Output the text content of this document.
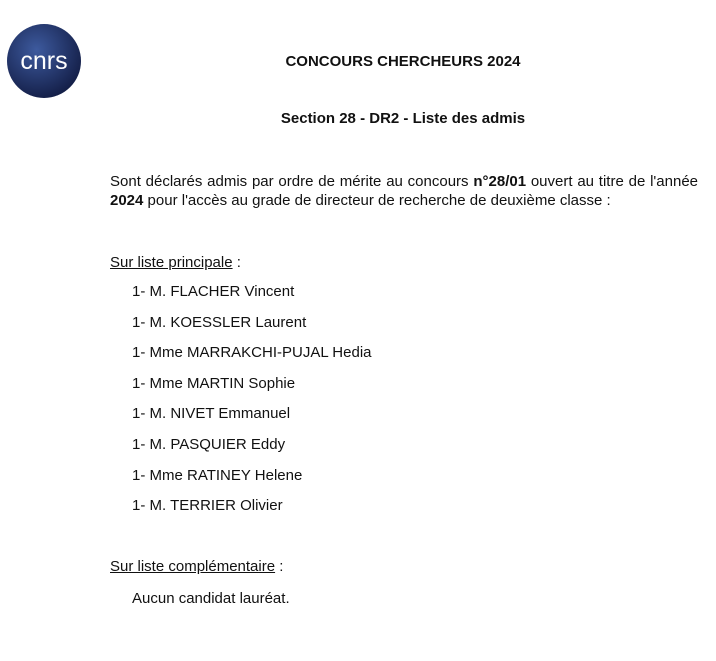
cnrs	CONCOURS CHERCHEURS 2024
Section 28 - DR2 - Liste des admis

Sont déclarés admis par ordre de mérite au concours n°28/01 ouvert au titre de l'année 2024 pour l'accès au grade de directeur de recherche de deuxième classe :

Sur liste principale :
1- M. FLACHER Vincent
1- M. KOESSLER Laurent
1- Mme MARRAKCHI-PUJAL Hedia
1- Mme MARTIN Sophie
1- M. NIVET Emmanuel
1- M. PASQUIER Eddy
1- Mme RATINEY Helene
1- M. TERRIER Olivier
Sur liste complémentaire :
Aucun candidat lauréat.
